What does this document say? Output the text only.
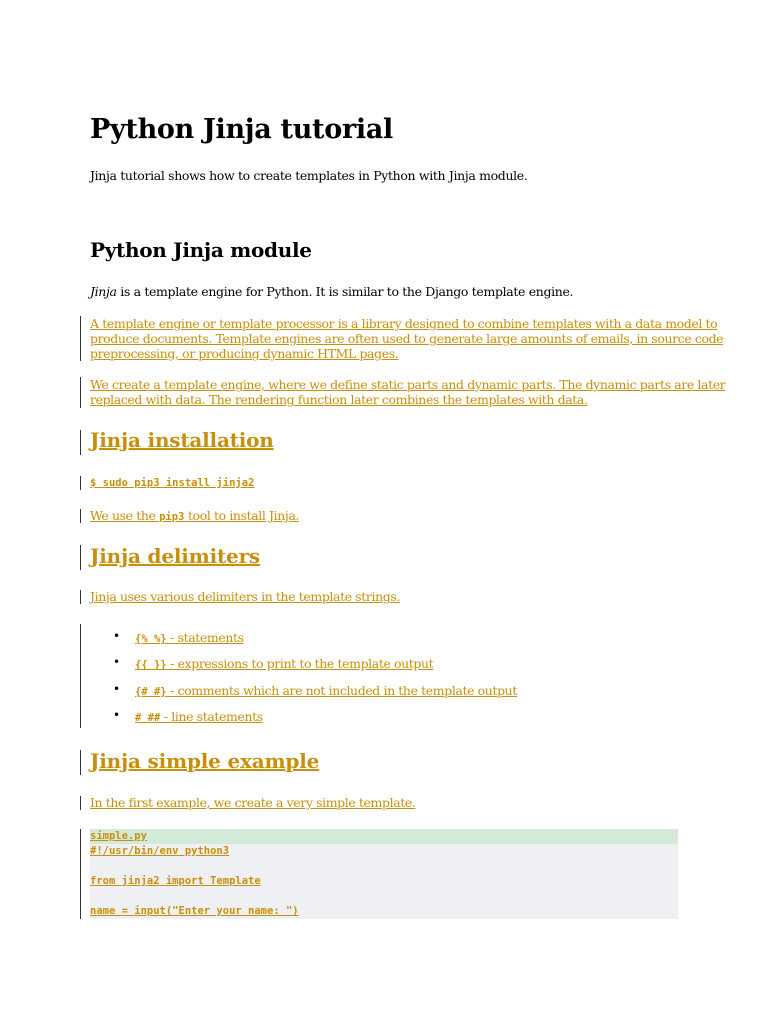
Python Jinja tutorial

Jinja tutorial shows how to create templates in Python with Jinja module.

Python Jinja module

Jinja is a template engine for Python. It is similar to the Django template engine.

A template engine or template processor is a library designed to combine templates with a data model to
produce documents. Template engines are often used to generate large amounts of emails, in source code
preprocessing, or producing dynamic HTML pages.
We create a template engine, where we define static parts and dynamic parts. The dynamic parts are later
replaced with data. The rendering function later combines the templates with data.
Jinja installation
$ sudo pip3 install jinja2
We use the pip3 tool to install Jinja.
Jinja delimiters
Jinja uses various delimiters in the template strings.
• {% %} - statements
• {{ }} - expressions to print to the template output
• {# #} - comments which are not included in the template output
• # ## - line statements
Jinja simple example
In the first example, we create a very simple template.
simple.py
#!/usr/bin/env python3
from jinja2 import Template
name = input("Enter your name: ")
